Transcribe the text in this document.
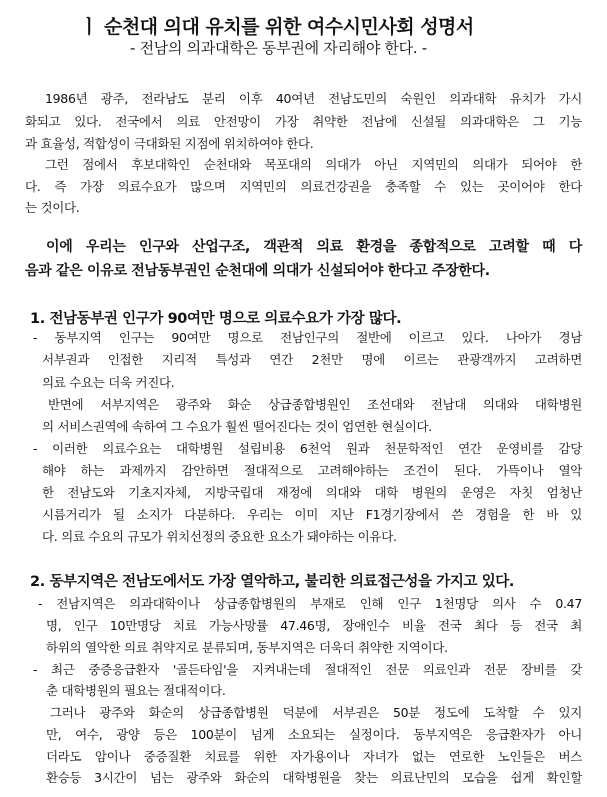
ㅣ 순천대 의대 유치를 위한 여수시민사회 성명서
- 전남의 의과대학은 동부권에 자리해야 한다. -
1986년 광주, 전라남도 분리 이후 40여년 전남도민의 숙원인 의과대학 유치가 가시
화되고 있다. 전국에서 의료 안전망이 가장 취약한 전남에 신설될 의과대학은 그 기능
과 효율성, 적합성이 극대화된 지점에 위치하여야 한다.
그런 점에서 후보대학인 순천대와 목포대의 의대가 아닌 지역민의 의대가 되어야 한
다. 즉 가장 의료수요가 많으며 지역민의 의료건강권을 충족할 수 있는 곳이어야 한다
는 것이다.
이에 우리는 인구와 산업구조, 객관적 의료 환경을 종합적으로 고려할 때 다
음과 같은 이유로 전남동부권인 순천대에 의대가 신설되어야 한다고 주장한다.
1. 전남동부권 인구가 90여만 명으로 의료수요가 가장 많다.
- 동부지역 인구는 90여만 명으로 전남인구의 절반에 이르고 있다. 나아가 경남
서부권과 인접한 지리적 특성과 연간 2천만 명에 이르는 관광객까지 고려하면
의료 수요는 더욱 커진다.
반면에 서부지역은 광주와 화순 상급종합병원인 조선대와 전남대 의대와 대학병원
의 서비스권역에 속하여 그 수요가 훨씬 떨어진다는 것이 엄연한 현실이다.
- 이러한 의료수요는 대학병원 설립비용 6천억 원과 천문학적인 연간 운영비를 감당
해야 하는 과제까지 감안하면 절대적으로 고려해야하는 조건이 된다. 가뜩이나 열악
한 전남도와 기초지자체, 지방국립대 재정에 의대와 대학 병원의 운영은 자칫 엄청난
시름거리가 될 소지가 다분하다. 우리는 이미 지난 F1경기장에서 쓴 경험을 한 바 있
다. 의료 수요의 규모가 위치선정의 중요한 요소가 돼야하는 이유다.
2. 동부지역은 전남도에서도 가장 열악하고, 불리한 의료접근성을 가지고 있다.
- 전남지역은 의과대학이나 상급종합병원의 부재로 인해 인구 1천명당 의사 수 0.47
명, 인구 10만명당 치료 가능사망률 47.46명, 장애인수 비율 전국 최다 등 전국 최
하위의 열악한 의료 취약지로 분류되며, 동부지역은 더욱더 취약한 지역이다.
- 최근 중증응급환자 '골든타임'을 지켜내는데 절대적인 전문 의료인과 전문 장비를 갖
춘 대학병원의 필요는 절대적이다.
그러나 광주와 화순의 상급종합병원 덕분에 서부권은 50분 정도에 도착할 수 있지
만, 여수, 광양 등은 100분이 넘게 소요되는 실정이다. 동부지역은 응급환자가 아니
더라도 암이나 중증질환 치료를 위한 자가용이나 자녀가 없는 연로한 노인들은 버스
환승등 3시간이 넘는 광주와 화순의 대학병원을 찾는 의료난민의 모습을 쉽게 확인할
